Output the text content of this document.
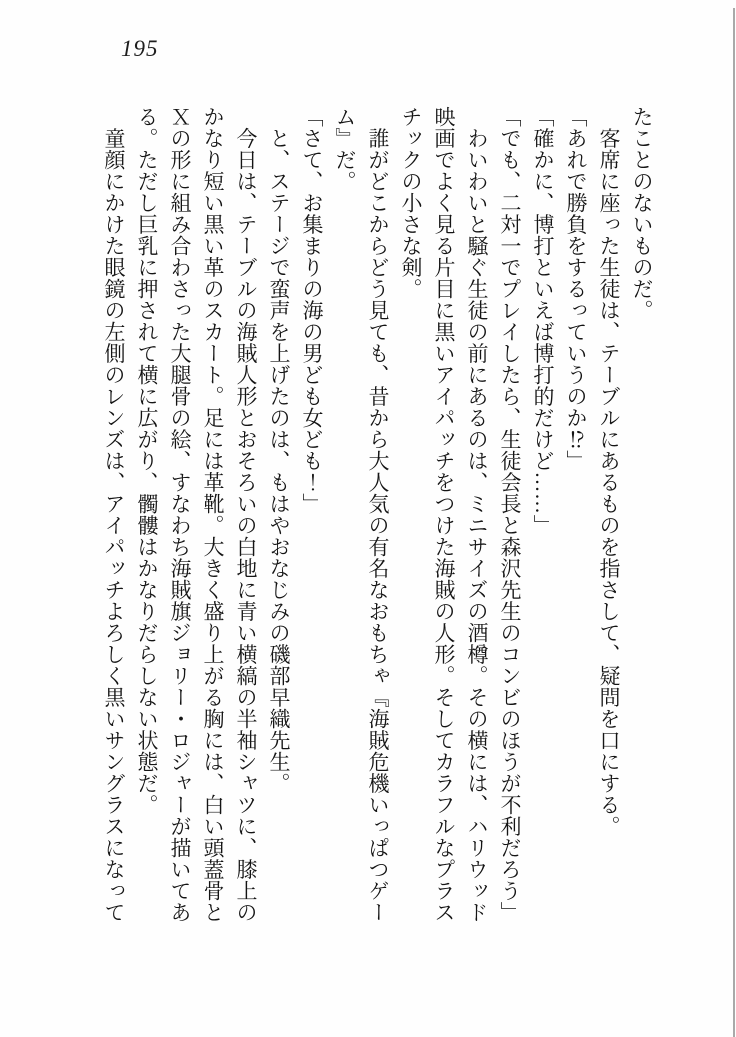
195

たことのないものだ。

　客席に座った生徒は、テーブルにあるものを指さして、疑問を口にする。

「あれで勝負をするっていうのか⁉」

「確かに、博打といえば博打的だけど……」

「でも、二対一でプレイしたら、生徒会長と森沢先生のコンビのほうが不利だろう」

　わいわいと騒ぐ生徒の前にあるのは、ミニサイズの酒樽。その横には、ハリウッド

映画でよく見る片目に黒いアイパッチをつけた海賊の人形。そしてカラフルなプラス

チックの小さな剣。

　誰がどこからどう見ても、昔から大人気の有名なおもちゃ『海賊危機いっぱつゲー

ム』だ。

「さて、お集まりの海の男ども女ども！」

　と、ステージで蛮声を上げたのは、もはやおなじみの磯部早織先生。

　今日は、テーブルの海賊人形とおそろいの白地に青い横縞の半袖シャツに、膝上の

かなり短い黒い革のスカート。足には革靴。大きく盛り上がる胸には、白い頭蓋骨と

Ｘの形に組み合わさった大腿骨の絵、すなわち海賊旗ジョリー・ロジャーが描いてあ

る。ただし巨乳に押されて横に広がり、髑髏はかなりだらしない状態だ。

　童顔にかけた眼鏡の左側のレンズは、アイパッチよろしく黒いサングラスになって
